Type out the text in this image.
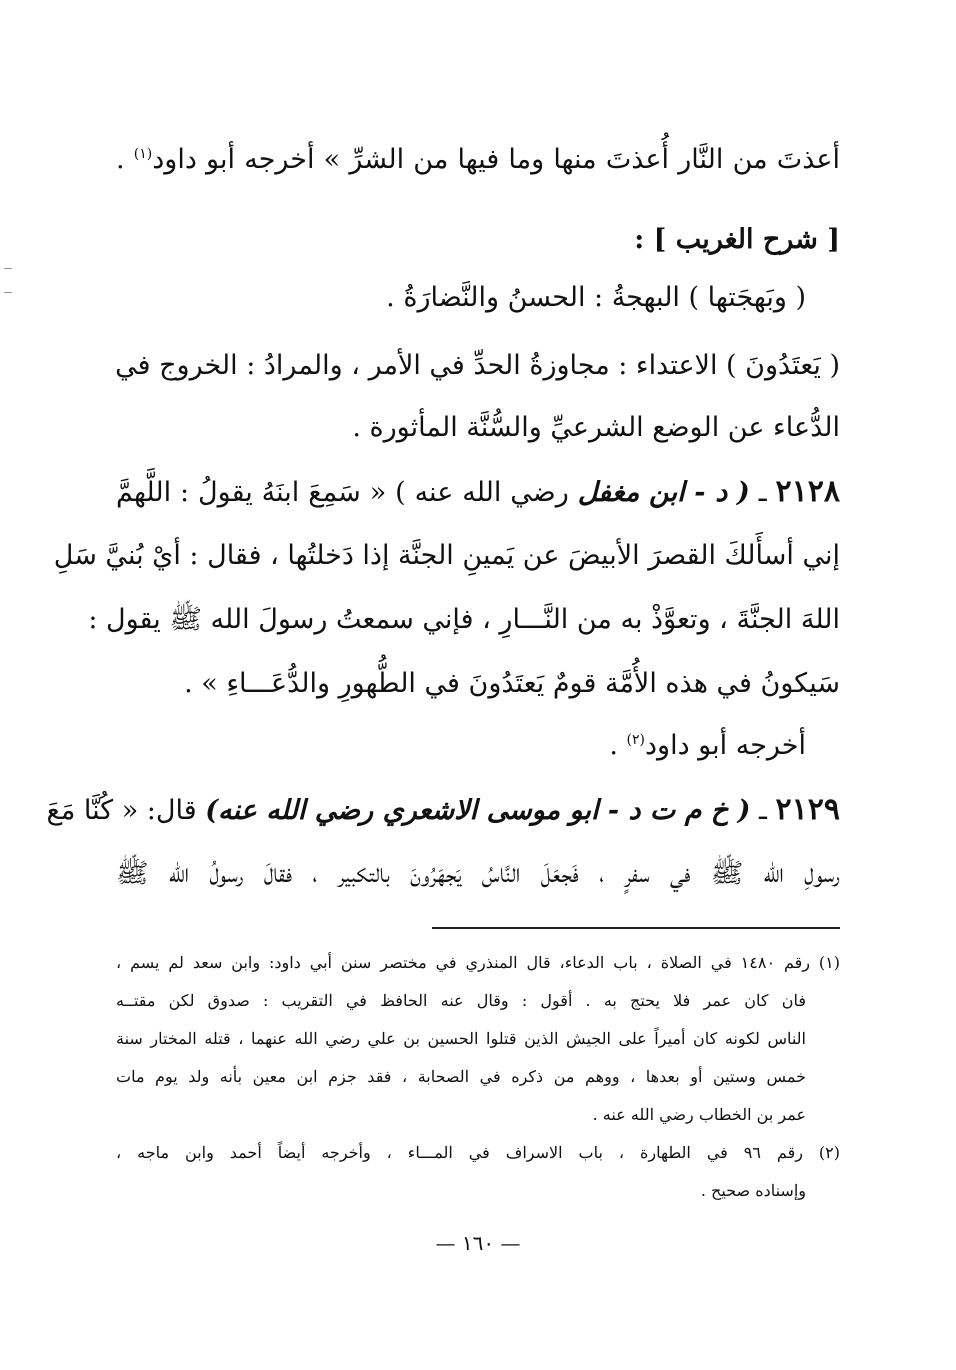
أعذتَ من النَّار أُعذتَ منها وما فيها من الشرِّ » أخرجه أبو داود$^{(١)}$ .
[ شرح الغريب ] :
( وبَهجَتها ) البهجةُ : الحسنُ والنَّضارَةُ .
( يَعتَدُونَ ) الاعتداء : مجاوزةُ الحدِّ في الأمر ، والمرادُ : الخروج في
الدُّعاء عن الوضع الشرعيِّ والسُّنَّة المأثورة .
٢١٢٨ ـ ( د - ابن مغفل رضي الله عنه ) « سَمِعَ ابنَهُ يقولُ : اللَّهمَّ
إني أسأَلكَ القصرَ الأبيضَ عن يَمينِ الجنَّة إذا دَخلتُها ، فقال : أيْ بُنيَّ سَلِ
اللهَ الجنَّةَ ، وتعوَّذْ به من النَّـــارِ ، فإني سمعتُ رسولَ الله ﷺ يقول :
سَيكونُ في هذه الأُمَّة قومٌ يَعتَدُونَ في الطُّهورِ والدُّعَـــاءِ » .
أخرجه أبو داود$^{(٢)}$ .
٢١٢٩ ـ ( خ م ت د - ابو موسى الاشعري رضي الله عنه) قال: « كُنَّا مَعَ
رسولِ الله ﷺ في سفرٍ ، فَجعَلَ النَّاسُ يَجهَرُونَ بالتكبير ، فقالَ رسولُ الله ﷺ
(١) رقم ١٤٨٠ في الصلاة ، باب الدعاء، قال المنذري في مختصر سنن أبي داود: وابن سعد لم يسم ،
فان كان عمر فلا يحتج به . أقول : وقال عنه الحافظ في التقريب : صدوق لكن مقتــه
الناس لكونه كان أميراً على الجيش الذين قتلوا الحسين بن علي رضي الله عنهما ، قتله المختار سنة
خمس وستين أو بعدها ، ووهم من ذكره في الصحابة ، فقد جزم ابن معين بأنه ولد يوم مات
عمر بن الخطاب رضي الله عنه .
(٢) رقم ٩٦ في الطهارة ، باب الاسراف في المـــاء ، وأخرجه أيضاً أحمد وابن ماجه ،
وإسناده صحيح .
— ١٦٠ —
